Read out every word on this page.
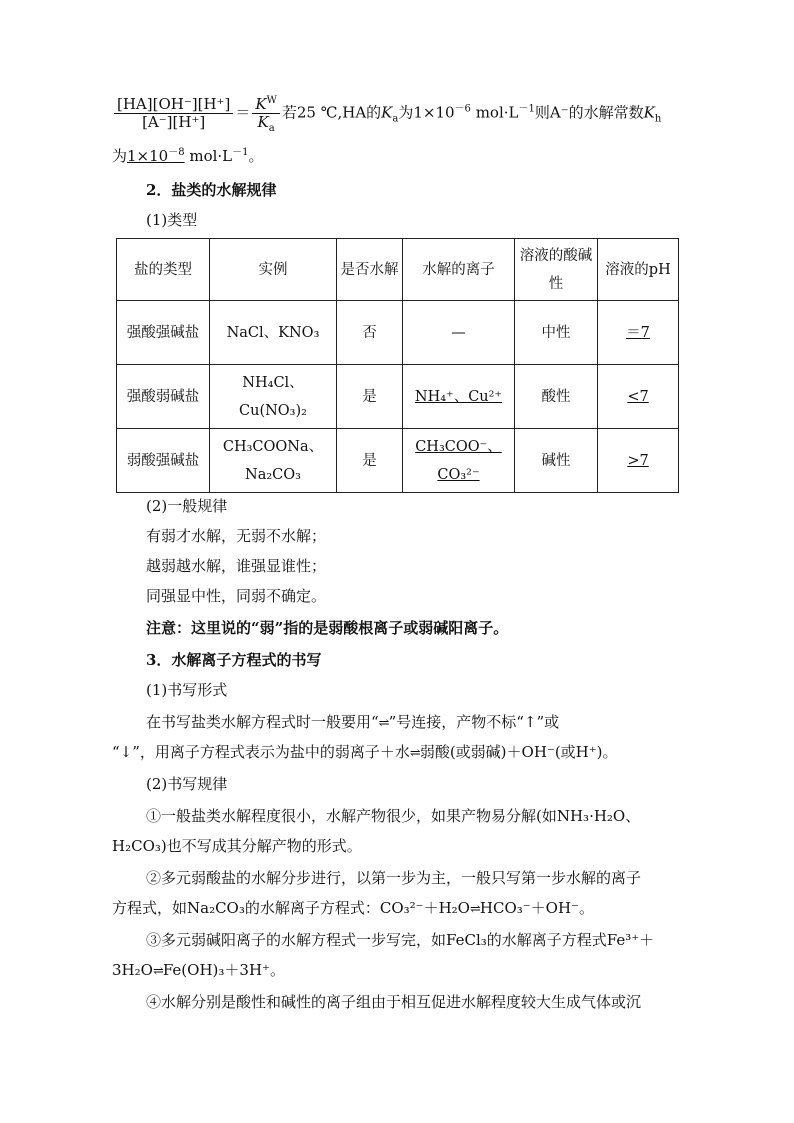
$\frac{[HA][OH^-][H^+]}{[A^-][H^+]} = \frac{K^W}{K_a}$ 若25 ℃,HA的$K_a$为$1\times 10^{-6}$ $mol\cdot L^{-1}$则A⁻的水解常数$K_h$
为$1\times 10^{-8}$ $mol\cdot L^{-1}$。
2．盐类的水解规律
(1)类型
盐的类型	实例	是否水解	水解的离子	溶液的酸碱性	溶液的pH
强酸强碱盐	NaCl、KNO₃	否	—	中性	＝7
强酸弱碱盐	NH₄Cl、Cu(NO₃)₂	是	NH₄⁺、Cu²⁺	酸性	<7
弱酸强碱盐	CH₃COONa、Na₂CO₃	是	CH₃COO⁻、CO₃²⁻	碱性	>7
(2)一般规律
有弱才水解，无弱不水解；
越弱越水解，谁强显谁性；
同强显中性，同弱不确定。
注意：这里说的“弱”指的是弱酸根离子或弱碱阳离子。
3．水解离子方程式的书写
(1)书写形式
在书写盐类水解方程式时一般要用“⇌”号连接，产物不标“↑”或
“↓”，用离子方程式表示为盐中的弱离子＋水⇌弱酸(或弱碱)＋OH⁻(或H⁺)。
(2)书写规律
①一般盐类水解程度很小，水解产物很少，如果产物易分解(如NH₃·H₂O、
H₂CO₃)也不写成其分解产物的形式。
②多元弱酸盐的水解分步进行，以第一步为主，一般只写第一步水解的离子
方程式，如Na₂CO₃的水解离子方程式：CO₃²⁻＋H₂O⇌HCO₃⁻＋OH⁻。
③多元弱碱阳离子的水解方程式一步写完，如FeCl₃的水解离子方程式Fe³⁺＋
3H₂O⇌Fe(OH)₃＋3H⁺。
④水解分别是酸性和碱性的离子组由于相互促进水解程度较大生成气体或沉
